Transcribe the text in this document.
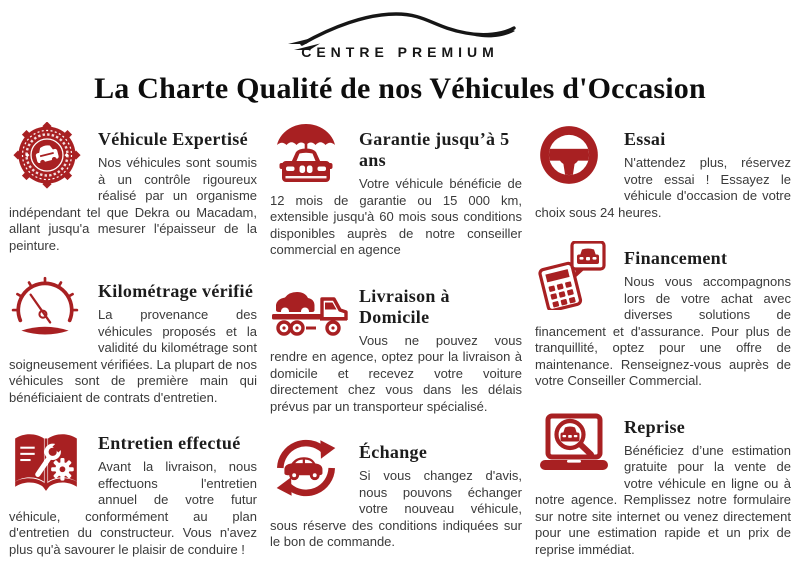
CENTRE PREMIUM
La Charte Qualité de nos Véhicules d'Occasion
Véhicule Expertisé

Nos véhicules sont soumis à un contrôle rigoureux réalisé par un organisme indépendant tel que Dekra ou Macadam, allant jusqu'a mesurer l'épaisseur de la peinture.

Kilométrage vérifié

La provenance des véhicules proposés et la validité du kilométrage sont soigneusement vérifiées. La plupart de nos véhicules sont de première main qui bénéficiaient de contrats d'entretien.

Entretien effectué

Avant la livraison, nous effectuons l'entretien annuel de votre futur véhicule, conformément au plan d'entretien du constructeur. Vous n'avez plus qu'à savourer le plaisir de conduire !

Garantie jusqu’à 5 ans

Votre véhicule bénéficie de 12 mois de garantie ou 15 000 km, extensible jusqu'à 60 mois sous conditions disponibles auprès de notre conseiller commercial en agence

Livraison à Domicile

Vous ne pouvez vous rendre en agence, optez pour la livraison à domicile et recevez votre voiture directement chez vous dans les délais prévus par un transporteur spécialisé.

Échange

Si vous changez d'avis, nous pouvons échanger votre nouveau véhicule, sous réserve des conditions indiquées sur le bon de commande.

Essai

N'attendez plus, réservez votre essai ! Essayez le véhicule d'occasion de votre choix sous 24 heures.

Financement

Nous vous accompagnons lors de votre achat avec diverses solutions de financement et d'assurance. Pour plus de tranquillité, optez pour une offre de maintenance. Renseignez-vous auprès de votre Conseiller Commercial.

Reprise

Bénéficiez d’une estimation gratuite pour la vente de votre véhicule en ligne ou à notre agence. Remplissez notre formulaire sur notre site internet ou venez directement pour une estimation rapide et un prix de reprise immédiat.
